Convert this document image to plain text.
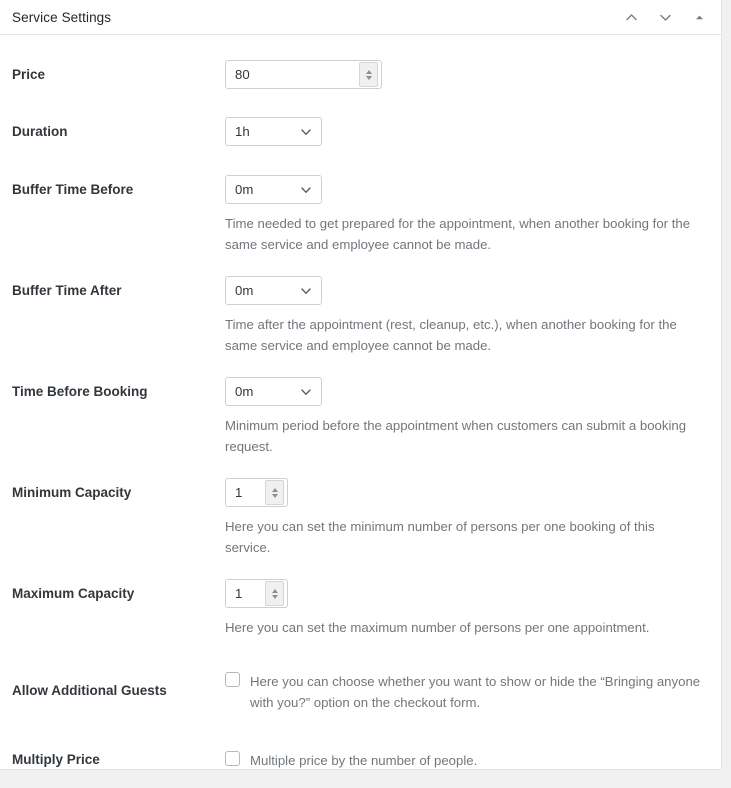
Service Settings
Price	80
Duration	1h
Buffer Time Before	0m
Time needed to get prepared for the appointment, when another booking for the same service and employee cannot be made.
Buffer Time After	0m
Time after the appointment (rest, cleanup, etc.), when another booking for the same service and employee cannot be made.
Time Before Booking	0m
Minimum period before the appointment when customers can submit a booking request.
Minimum Capacity	1
Here you can set the minimum number of persons per one booking of this service.
Maximum Capacity	1
Here you can set the maximum number of persons per one appointment.
Allow Additional Guests
Here you can choose whether you want to show or hide the “Bringing anyone with you?” option on the checkout form.
Multiply Price	Multiple price by the number of people.
